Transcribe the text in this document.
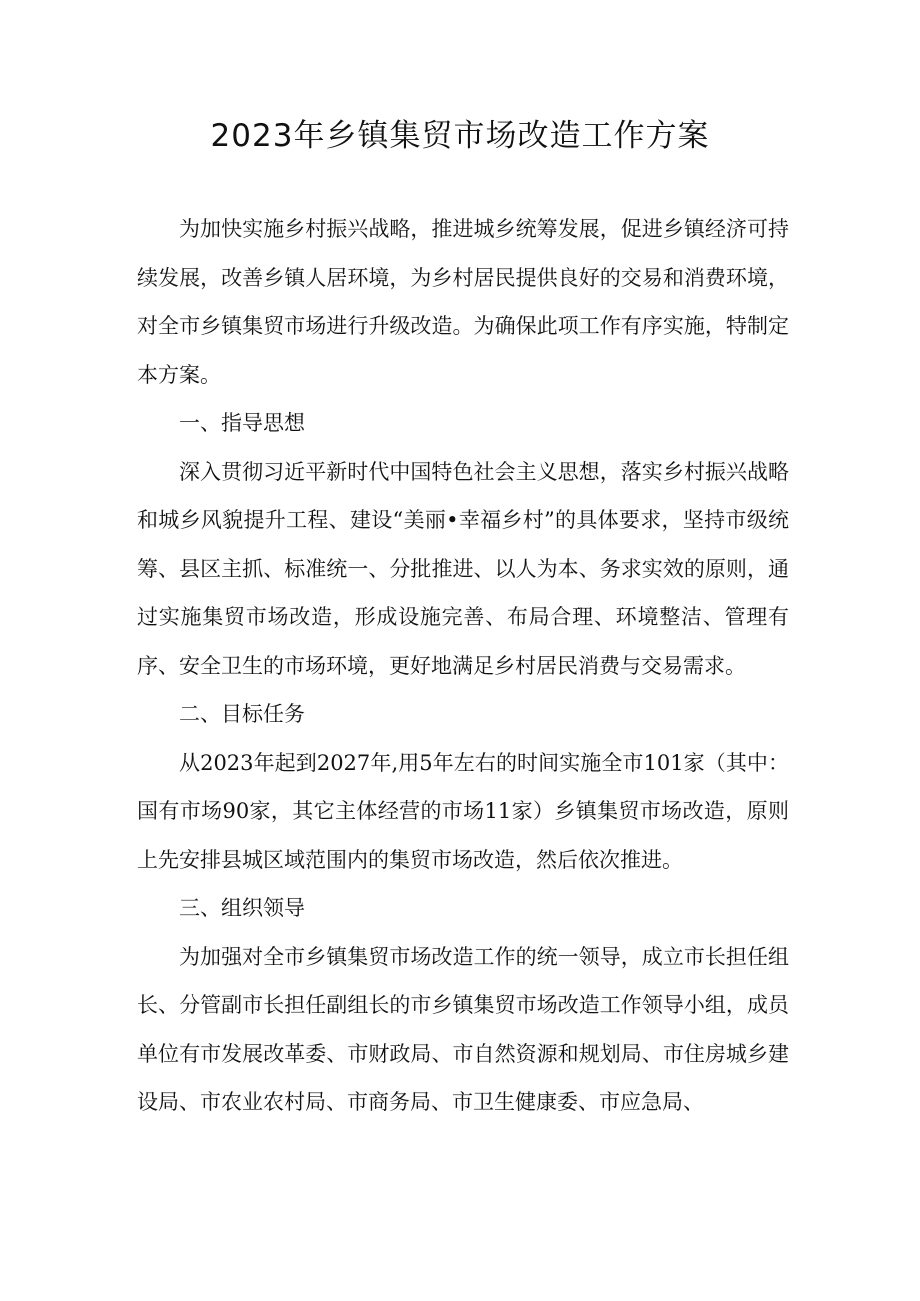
2023年乡镇集贸市场改造工作方案

为加快实施乡村振兴战略，推进城乡统筹发展，促进乡镇经济可持续发展，改善乡镇人居环境，为乡村居民提供良好的交易和消费环境，对全市乡镇集贸市场进行升级改造。为确保此项工作有序实施，特制定本方案。

一、指导思想

深入贯彻习近平新时代中国特色社会主义思想，落实乡村振兴战略和城乡风貌提升工程、建设“美丽•幸福乡村”的具体要求，坚持市级统筹、县区主抓、标准统一、分批推进、以人为本、务求实效的原则，通过实施集贸市场改造，形成设施完善、布局合理、环境整洁、管理有序、安全卫生的市场环境，更好地满足乡村居民消费与交易需求。

二、目标任务

从2023年起到2027年,用5年左右的时间实施全市101家（其中：国有市场90家，其它主体经营的市场11家）乡镇集贸市场改造，原则上先安排县城区域范围内的集贸市场改造，然后依次推进。

三、组织领导

为加强对全市乡镇集贸市场改造工作的统一领导，成立市长担任组长、分管副市长担任副组长的市乡镇集贸市场改造工作领导小组，成员单位有市发展改革委、市财政局、市自然资源和规划局、市住房城乡建设局、市农业农村局、市商务局、市卫生健康委、市应急局、
